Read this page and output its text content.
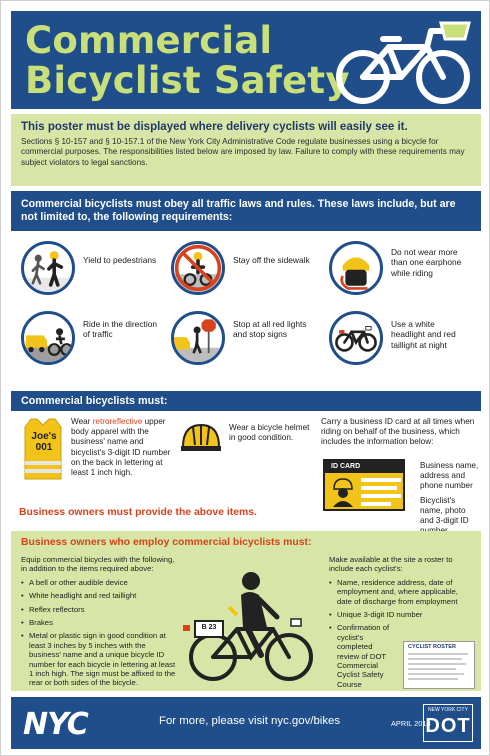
Commercial
Bicyclist Safety
This poster must be displayed where delivery cyclists will easily see it.

Sections § 10-157 and § 10-157.1 of the New York City Administrative Code regulate businesses using a bicycle for commercial purposes. The responsibilities listed below are imposed by law. Failure to comply with these requirements may subject violators to legal sanctions.

Commercial bicyclists must obey all traffic laws and rules. These laws include, but are not limited to, the following requirements:
Yield to pedestrians	Stay off the sidewalk
Do not wear more than one earphone while riding
Ride in the direction of traffic
Stop at all red lights and stop signs
Use a white headlight and red taillight at night
Commercial bicyclists must:
Joe's
001
Wear retroreflective upper body apparel with the business' name and bicyclist's 3-digit ID number on the back in lettering at least 1 inch high.
Wear a bicycle helmet in good condition.
Carry a business ID card at all times when riding on behalf of the business, which includes the information below:
ID CARD	Business name, address and phone number
Bicyclist's name, photo and 3-digit ID
Business owners must provide the above items.
Business owners who employ commercial bicyclists must:
Equip commercial bicycles with the following, in addition to the items required above:
• A bell or other audible device
• White headlight and red taillight
• Reflex reflectors
• Brakes
• Metal or plastic sign in good condition at least 3 inches by 5 inches with the business' name and a unique bicycle ID number for each bicycle in lettering at least 1 inch high. The sign must be affixed to the rear or both sides of the bicycle.
B 23
Make available at the site a roster to include each cyclist's:
• Name, residence address, date of employment and, where applicable, date of discharge from employment
• Unique 3-digit ID number
• Confirmation of cyclist's completed review of DOT Commercial Cyclist Safety Course
CYCLIST ROSTER
NYC	For more, please visit nyc.gov/bikes	APRIL 2013
NEW YORK CITY
DOT
